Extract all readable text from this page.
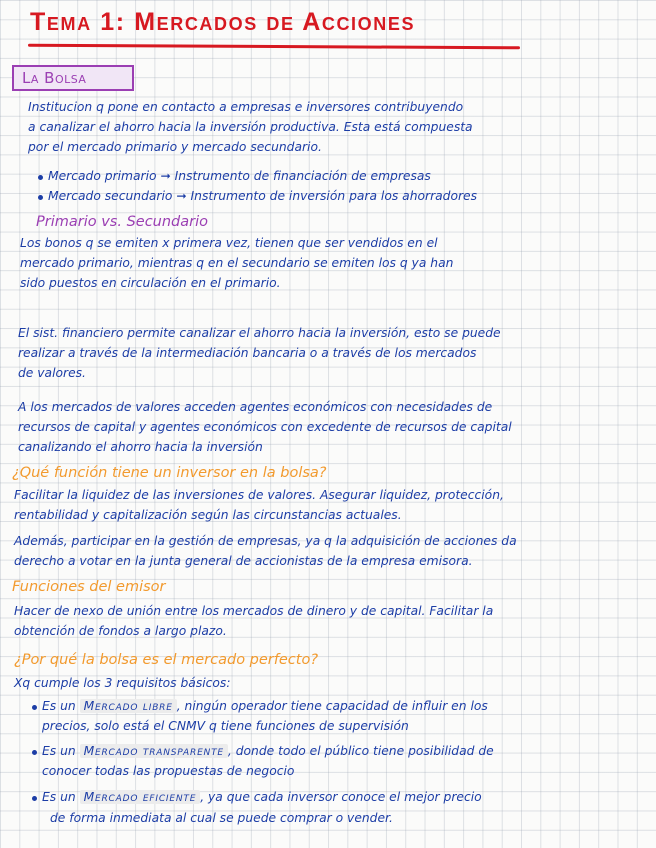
Tema 1: Mercados de Acciones
La Bolsa

Institucion q pone en contacto a empresas e inversores contribuyendo

a canalizar el ahorro hacia la inversión productiva. Esta está compuesta

por el mercado primario y mercado secundario.

Mercado primario ➞ Instrumento de financiación de empresas

Mercado secundario ➞ Instrumento de inversión para los ahorradores

Primario vs. Secundario

Los bonos q se emiten x primera vez, tienen que ser vendidos en el

mercado primario, mientras q en el secundario se emiten los q ya han

sido puestos en circulación en el primario.

El sist. financiero permite canalizar el ahorro hacia la inversión, esto se puede

realizar a través de la intermediación bancaria o a través de los mercados

de valores.

A los mercados de valores acceden agentes económicos con necesidades de

recursos de capital y agentes económicos con excedente de recursos de capital

canalizando el ahorro hacia la inversión

¿Qué función tiene un inversor en la bolsa?

Facilitar la liquidez de las inversiones de valores. Asegurar liquidez, protección,

rentabilidad y capitalización según las circunstancias actuales.

Además, participar en la gestión de empresas, ya q la adquisición de acciones da

derecho a votar en la junta general de accionistas de la empresa emisora.

Funciones del emisor

Hacer de nexo de unión entre los mercados de dinero y de capital. Facilitar la

obtención de fondos a largo plazo.

¿Por qué la bolsa es el mercado perfecto?

Xq cumple los 3 requisitos básicos:

Es un Mercado libre , ningún operador tiene capacidad de influir en los

precios, solo está el CNMV q tiene funciones de supervisión

Es un Mercado transparente , donde todo el público tiene posibilidad de

conocer todas las propuestas de negocio

Es un Mercado eficiente , ya que cada inversor conoce el mejor precio

de forma inmediata al cual se puede comprar o vender.
